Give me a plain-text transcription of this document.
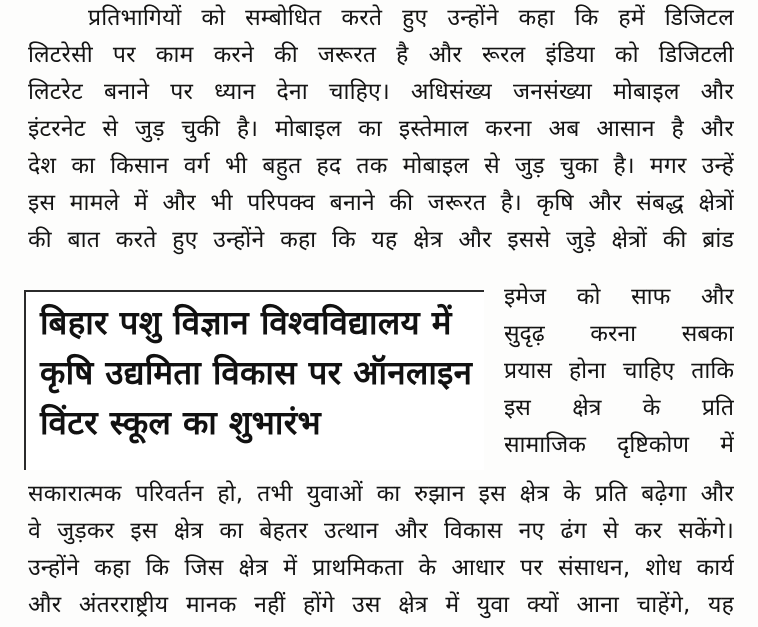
प्रतिभागियों को सम्बोधित करते हुए उन्होंने कहा कि हमें डिजिटल
लिटरेसी पर काम करने की जरूरत है और रूरल इंडिया को डिजिटली
लिटरेट बनाने पर ध्यान देना चाहिए। अधिसंख्य जनसंख्या मोबाइल और
इंटरनेट से जुड़ चुकी है। मोबाइल का इस्तेमाल करना अब आसान है और
देश का किसान वर्ग भी बहुत हद तक मोबाइल से जुड़ चुका है। मगर उन्हें
इस मामले में और भी परिपक्व बनाने की जरूरत है। कृषि और संबद्ध क्षेत्रों
की बात करते हुए उन्होंने कहा कि यह क्षेत्र और इससे जुड़े क्षेत्रों की ब्रांड
बिहार पशु विज्ञान विश्वविद्यालय में
कृषि उद्यमिता विकास पर ऑनलाइन
विंटर स्कूल का शुभारंभ
इमेज को साफ और
सुदृढ़ करना सबका
प्रयास होना चाहिए ताकि
इस क्षेत्र के प्रति
सामाजिक दृष्टिकोण में
सकारात्मक परिवर्तन हो, तभी युवाओं का रुझान इस क्षेत्र के प्रति बढ़ेगा और
वे जुड़कर इस क्षेत्र का बेहतर उत्थान और विकास नए ढंग से कर सकेंगे।
उन्होंने कहा कि जिस क्षेत्र में प्राथमिकता के आधार पर संसाधन, शोध कार्य
और अंतरराष्ट्रीय मानक नहीं होंगे उस क्षेत्र में युवा क्यों आना चाहेंगे, यह
